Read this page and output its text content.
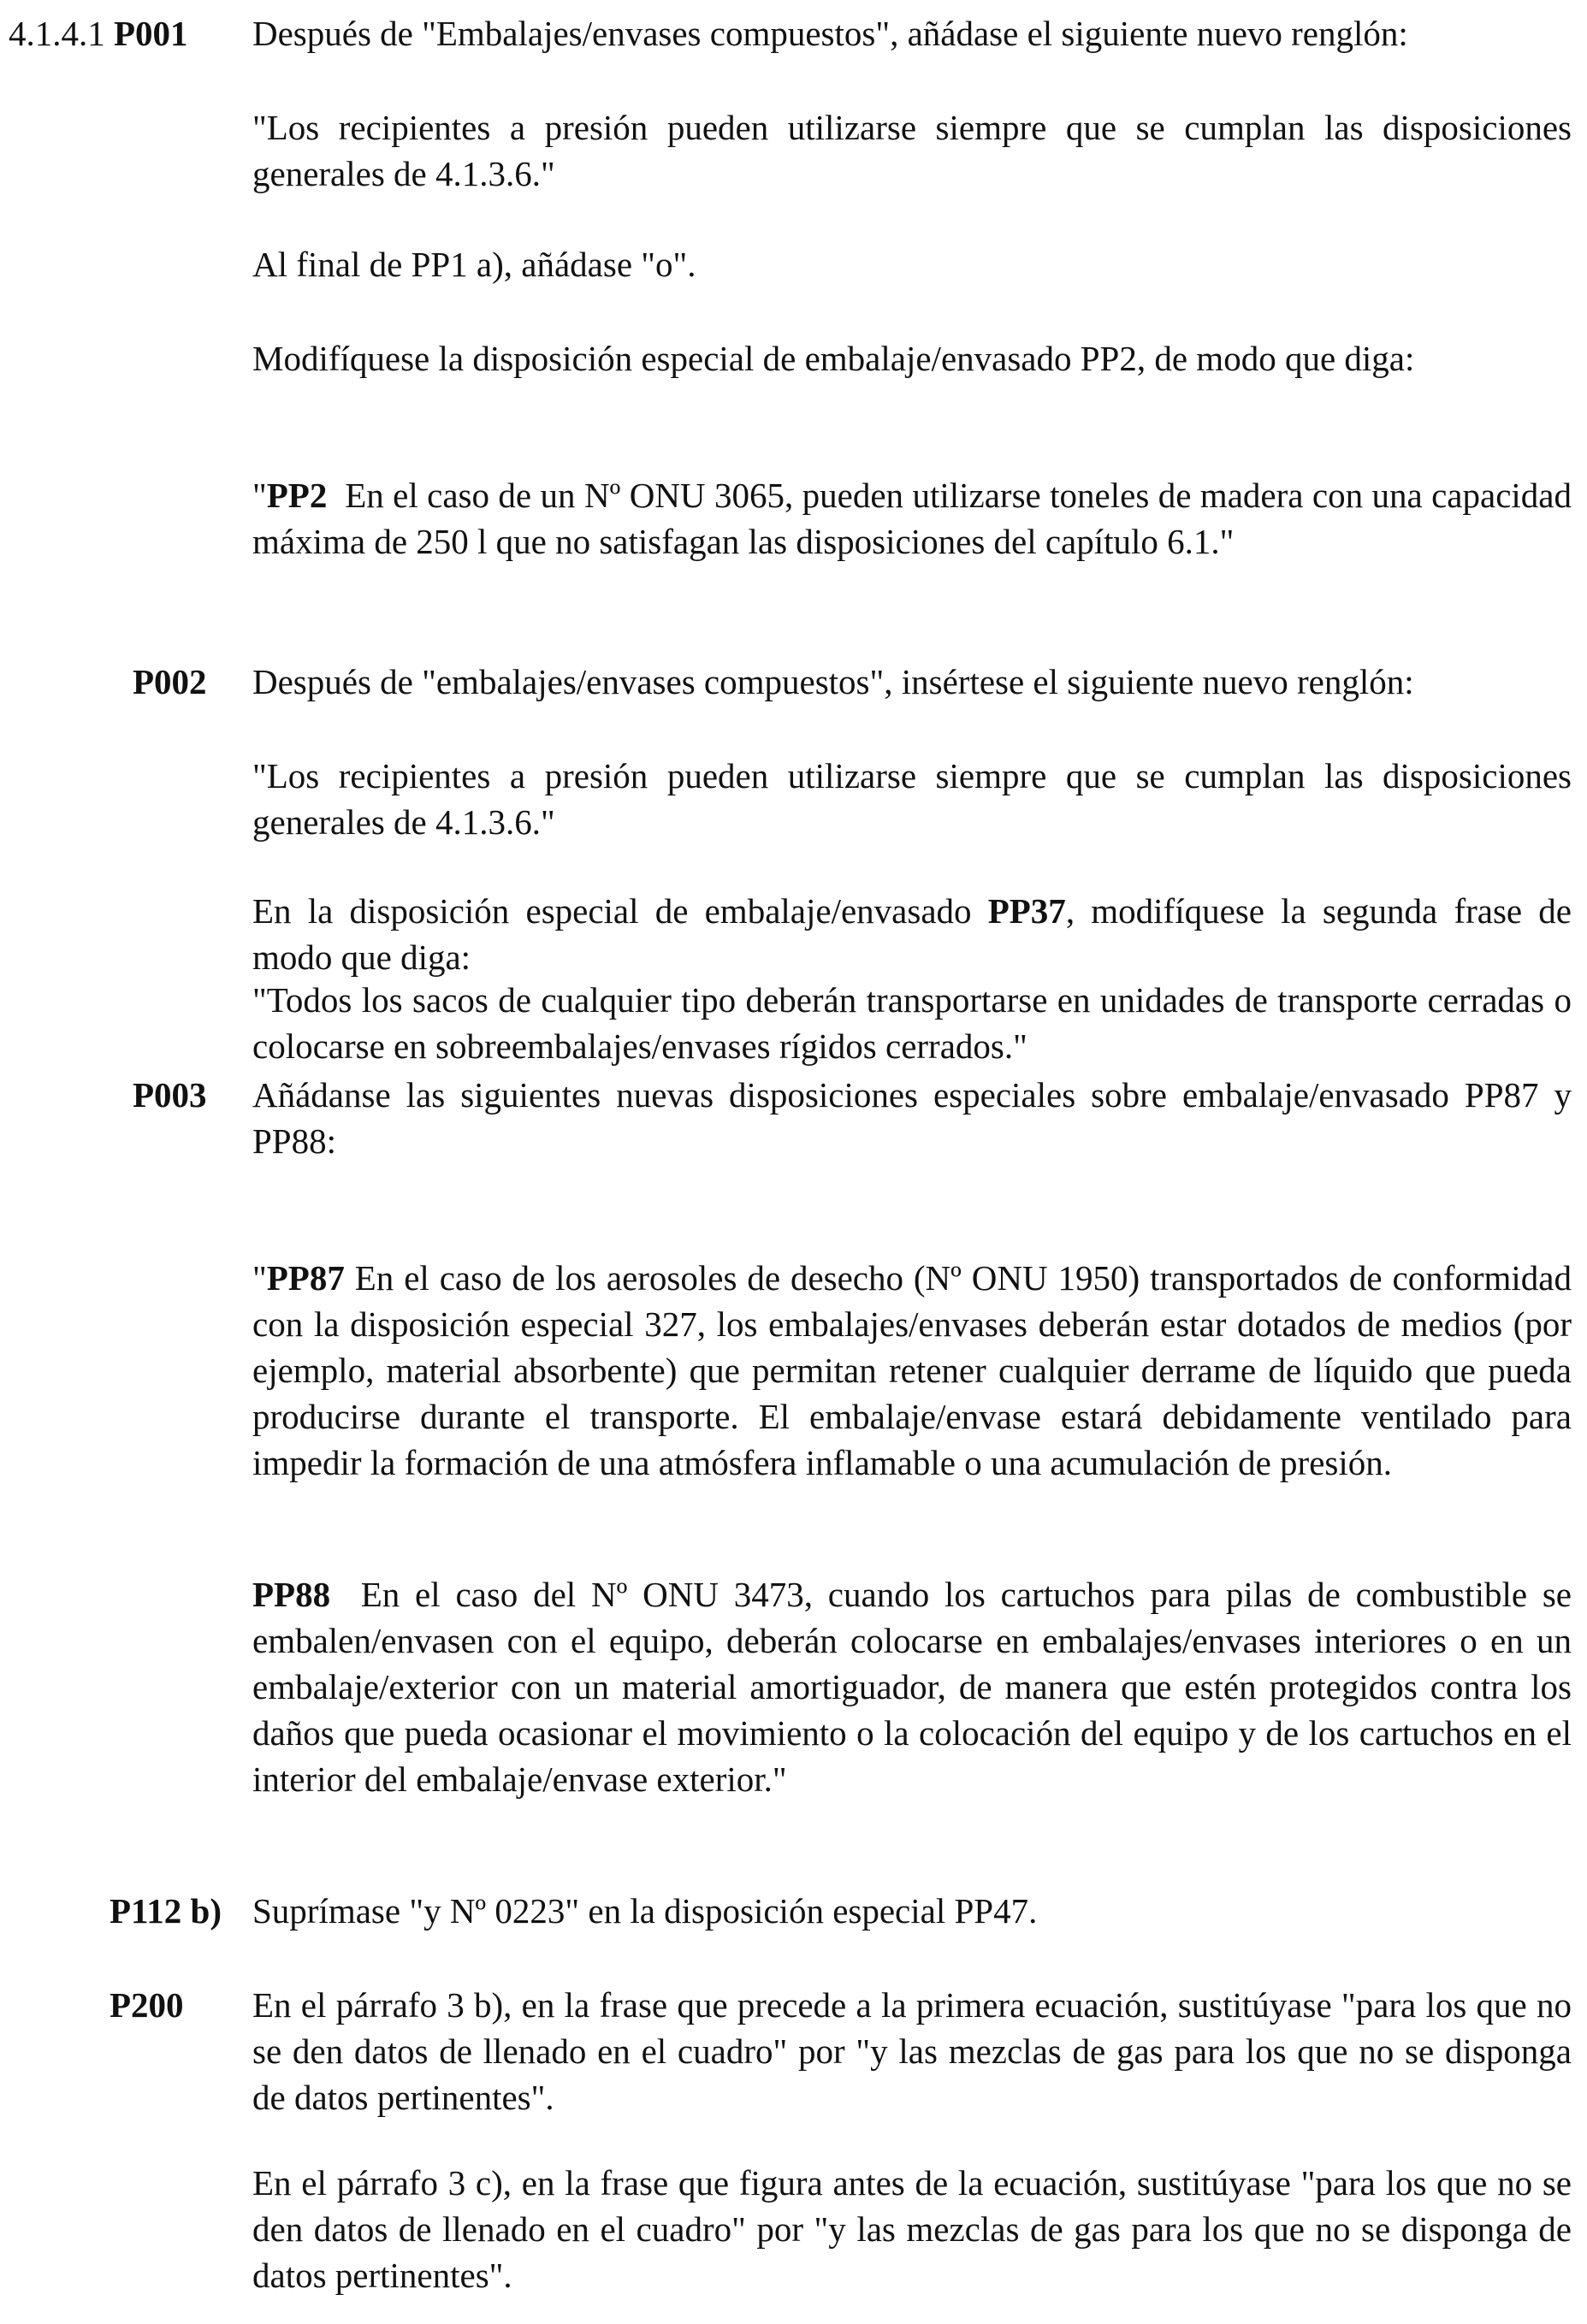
4.1.4.1 P001 Después de "Embalajes/envases compuestos", añádase el siguiente nuevo renglón:

"Los recipientes a presión pueden utilizarse siempre que se cumplan las disposiciones generales de 4.1.3.6."

Al final de PP1 a), añádase "o".

Modifíquese la disposición especial de embalaje/envasado PP2, de modo que diga:

"PP2 En el caso de un Nº ONU 3065, pueden utilizarse toneles de madera con una capacidad máxima de 250 l que no satisfagan las disposiciones del capítulo 6.1."

P002 Después de "embalajes/envases compuestos", insértese el siguiente nuevo renglón:

"Los recipientes a presión pueden utilizarse siempre que se cumplan las disposiciones generales de 4.1.3.6."

En la disposición especial de embalaje/envasado PP37, modifíquese la segunda frase de modo que diga:

"Todos los sacos de cualquier tipo deberán transportarse en unidades de transporte cerradas o colocarse en sobreembalajes/envases rígidos cerrados."

P003 Añádanse las siguientes nuevas disposiciones especiales sobre embalaje/envasado PP87 y PP88:

"PP87 En el caso de los aerosoles de desecho (Nº ONU 1950) transportados de conformidad con la disposición especial 327, los embalajes/envases deberán estar dotados de medios (por ejemplo, material absorbente) que permitan retener cualquier derrame de líquido que pueda producirse durante el transporte. El embalaje/envase estará debidamente ventilado para impedir la formación de una atmósfera inflamable o una acumulación de presión.

PP88 En el caso del Nº ONU 3473, cuando los cartuchos para pilas de combustible se embalen/envasen con el equipo, deberán colocarse en embalajes/envases interiores o en un embalaje/exterior con un material amortiguador, de manera que estén protegidos contra los daños que pueda ocasionar el movimiento o la colocación del equipo y de los cartuchos en el interior del embalaje/envase exterior."

P112 b) Suprímase "y Nº 0223" en la disposición especial PP47.

P200 En el párrafo 3 b), en la frase que precede a la primera ecuación, sustitúyase "para los que no se den datos de llenado en el cuadro" por "y las mezclas de gas para los que no se disponga de datos pertinentes".

En el párrafo 3 c), en la frase que figura antes de la ecuación, sustitúyase "para los que no se den datos de llenado en el cuadro" por "y las mezclas de gas para los que no se disponga de datos pertinentes".
